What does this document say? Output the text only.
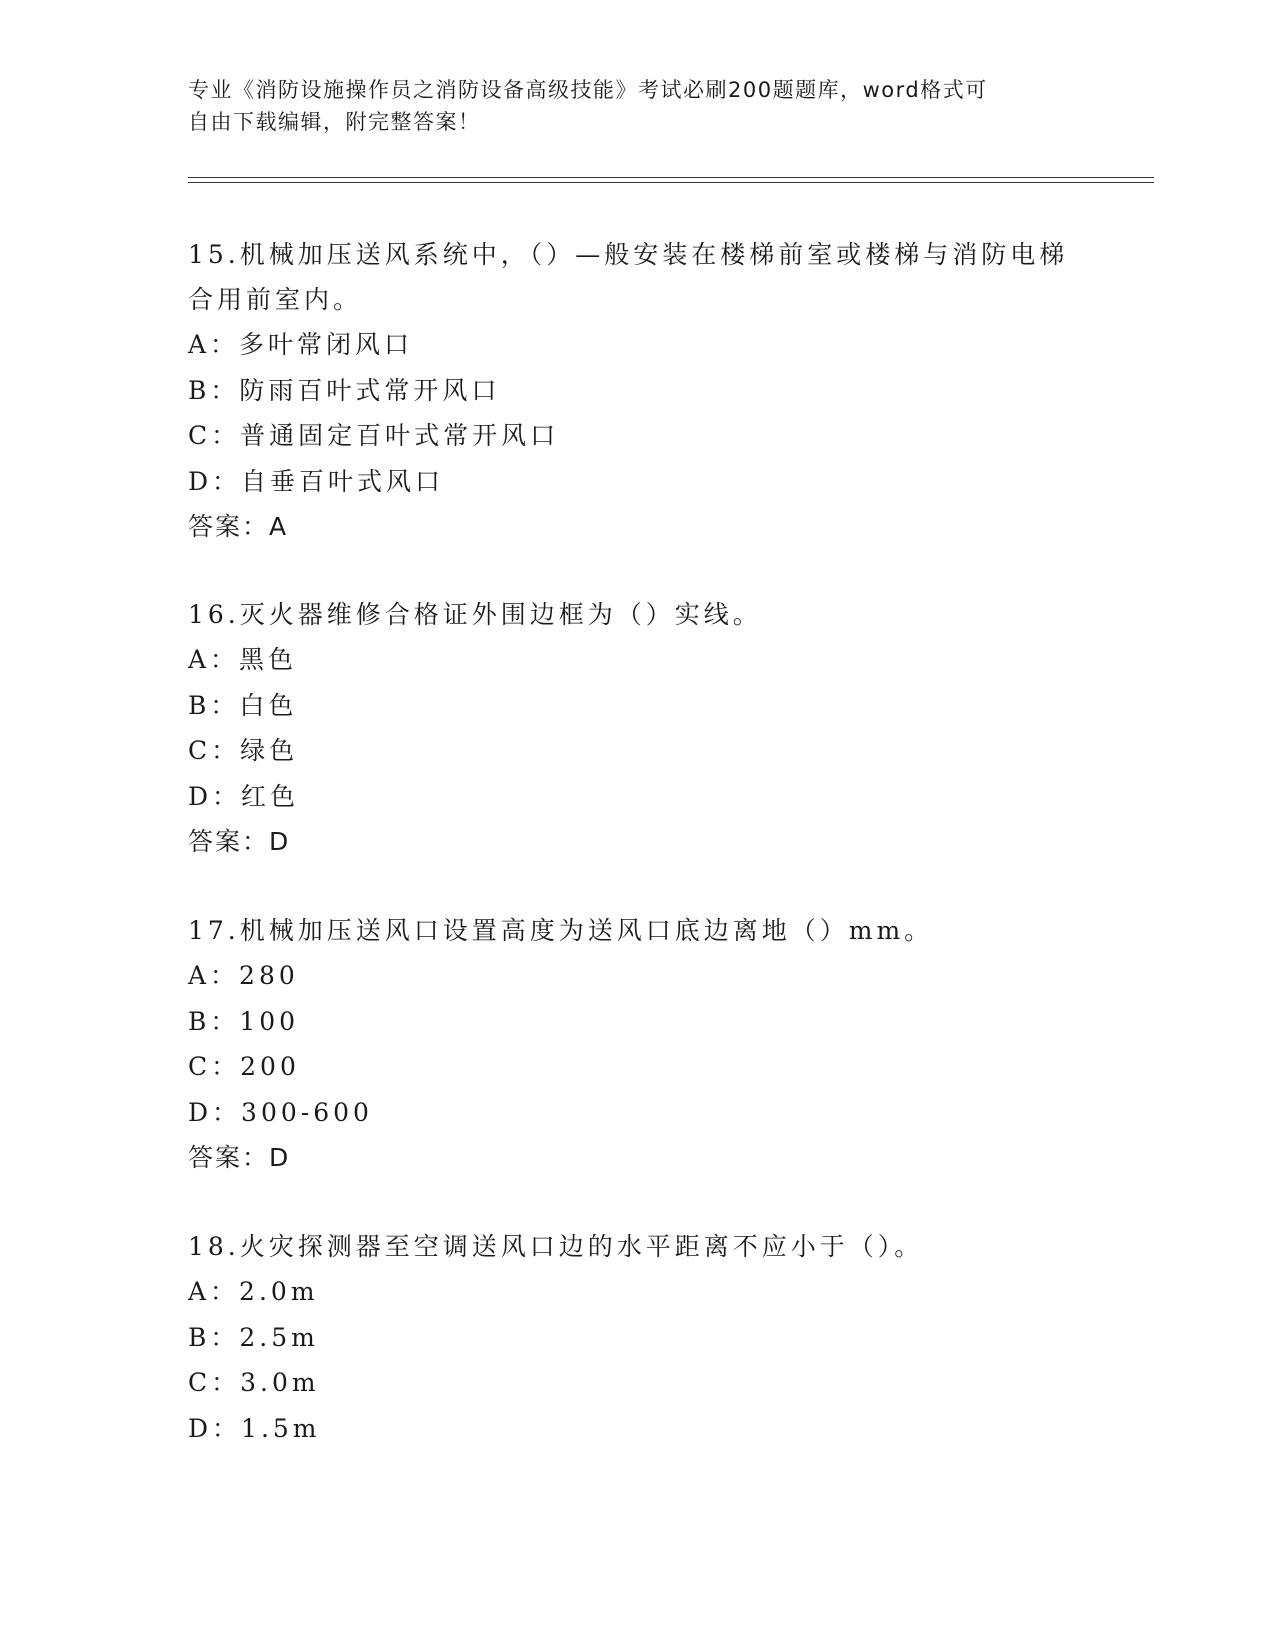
专业《消防设施操作员之消防设备高级技能》考试必刷200题题库，word格式可
自由下载编辑，附完整答案！

15.机械加压送风系统中，（）—般安装在楼梯前室或楼梯与消防电梯

合用前室内。

A：多叶常闭风口

B：防雨百叶式常开风口

C：普通固定百叶式常开风口

D：自垂百叶式风口

答案：A

16.灭火器维修合格证外围边框为（）实线。

A：黑色

B：白色

C：绿色

D：红色

答案：D

17.机械加压送风口设置高度为送风口底边离地（）mm。

A：280

B：100

C：200

D：300-600

答案：D

18.火灾探测器至空调送风口边的水平距离不应小于（）。

A：2.0m

B：2.5m

C：3.0m

D：1.5m
